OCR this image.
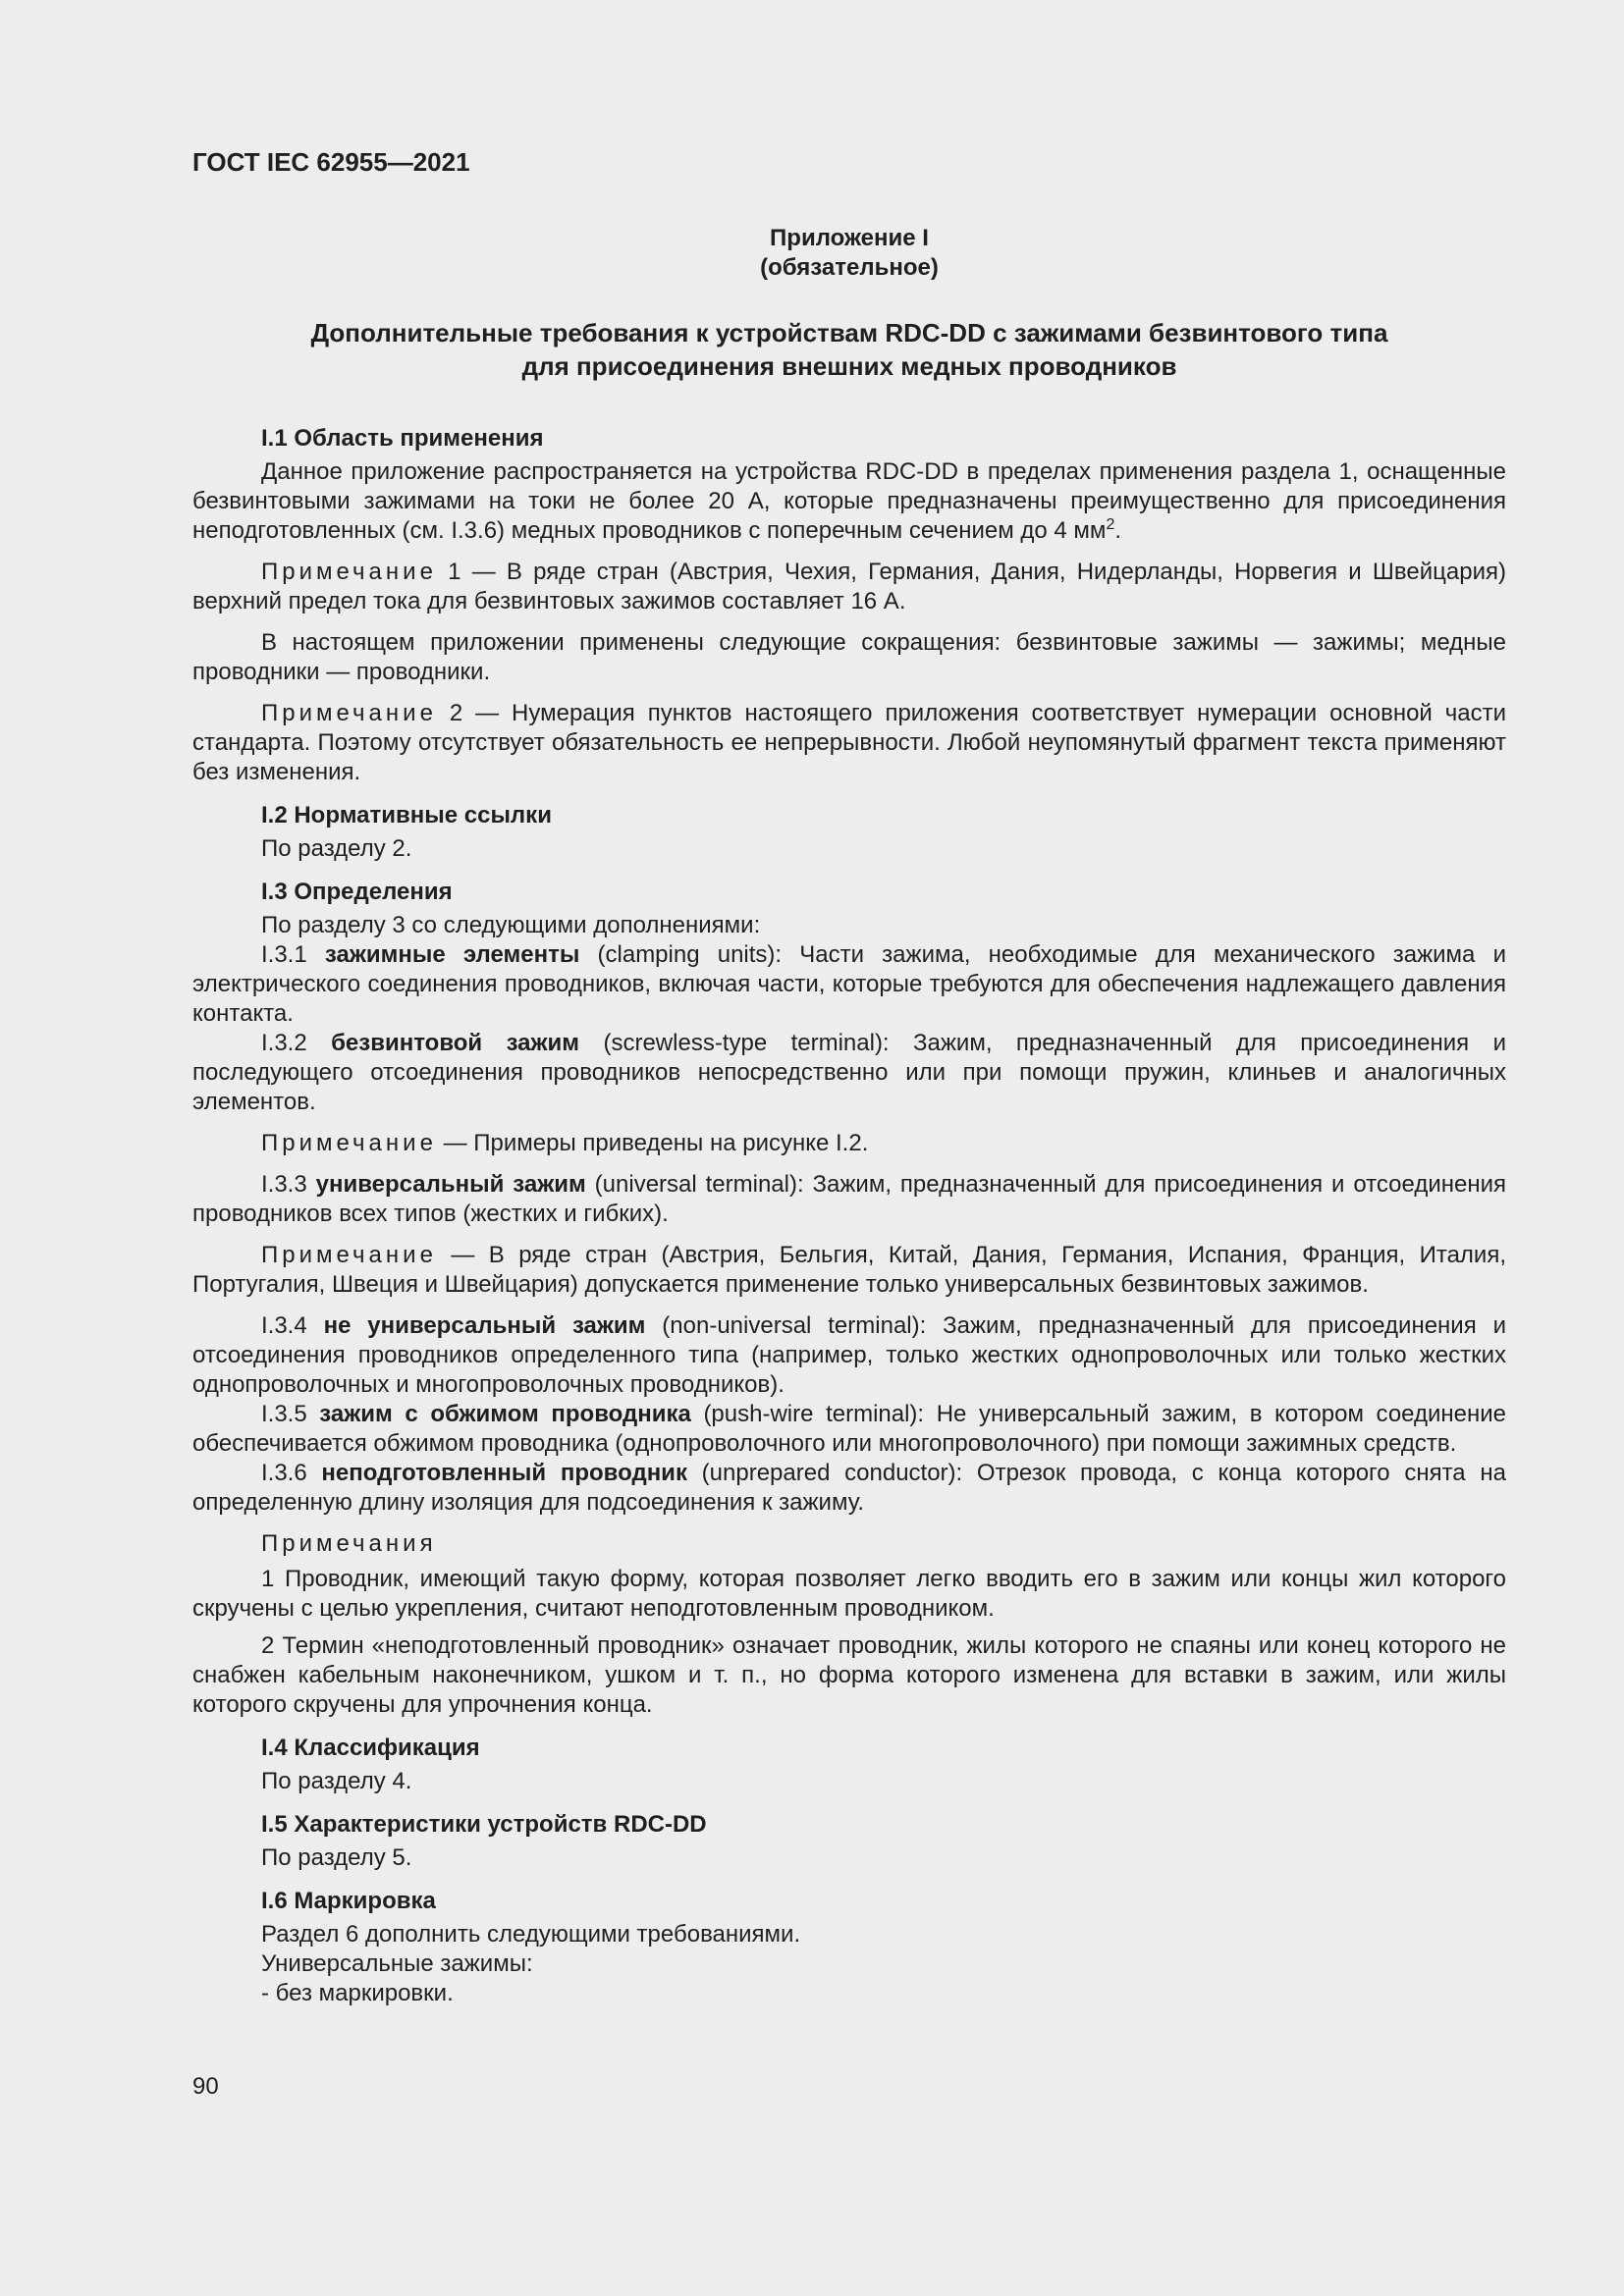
ГОСТ IEC 62955—2021

Приложение I

(обязательное)

Дополнительные требования к устройствам RDC-DD с зажимами безвинтового типа

для присоединения внешних медных проводников

I.1 Область применения

Данное приложение распространяется на устройства RDC-DD в пределах применения раздела 1, оснащенные безвинтовыми зажимами на токи не более 20 А, которые предназначены преимущественно для присоединения неподготовленных (см. I.3.6) медных проводников с поперечным сечением до 4 $мм^2$.

Примечание 1 — В ряде стран (Австрия, Чехия, Германия, Дания, Нидерланды, Норвегия и Швейцария) верхний предел тока для безвинтовых зажимов составляет 16 А.

В настоящем приложении применены следующие сокращения: безвинтовые зажимы — зажимы; медные проводники — проводники.

Примечание 2 — Нумерация пунктов настоящего приложения соответствует нумерации основной части стандарта. Поэтому отсутствует обязательность ее непрерывности. Любой неупомянутый фрагмент текста применяют без изменения.

I.2 Нормативные ссылки

По разделу 2.

I.3 Определения

По разделу 3 со следующими дополнениями:

I.3.1 зажимные элементы (clamping units): Части зажима, необходимые для механического зажима и электрического соединения проводников, включая части, которые требуются для обеспечения надлежащего давления контакта.

I.3.2 безвинтовой зажим (screwless-type terminal): Зажим, предназначенный для присоединения и последующего отсоединения проводников непосредственно или при помощи пружин, клиньев и аналогичных элементов.

Примечание — Примеры приведены на рисунке I.2.

I.3.3 универсальный зажим (universal terminal): Зажим, предназначенный для присоединения и отсоединения проводников всех типов (жестких и гибких).

Примечание — В ряде стран (Австрия, Бельгия, Китай, Дания, Германия, Испания, Франция, Италия, Португалия, Швеция и Швейцария) допускается применение только универсальных безвинтовых зажимов.

I.3.4 не универсальный зажим (non-universal terminal): Зажим, предназначенный для присоединения и отсоединения проводников определенного типа (например, только жестких однопроволочных или только жестких однопроволочных и многопроволочных проводников).

I.3.5 зажим с обжимом проводника (push-wire terminal): Не универсальный зажим, в котором соединение обеспечивается обжимом проводника (однопроволочного или многопроволочного) при помощи зажимных средств.

I.3.6 неподготовленный проводник (unprepared conductor): Отрезок провода, с конца которого снята на определенную длину изоляция для подсоединения к зажиму.

Примечания

1 Проводник, имеющий такую форму, которая позволяет легко вводить его в зажим или концы жил которого скручены с целью укрепления, считают неподготовленным проводником.

2 Термин «неподготовленный проводник» означает проводник, жилы которого не спаяны или конец которого не снабжен кабельным наконечником, ушком и т. п., но форма которого изменена для вставки в зажим, или жилы которого скручены для упрочнения конца.

I.4 Классификация

По разделу 4.

I.5 Характеристики устройств RDC-DD

По разделу 5.

I.6 Маркировка

Раздел 6 дополнить следующими требованиями.

Универсальные зажимы:

- без маркировки.

90
